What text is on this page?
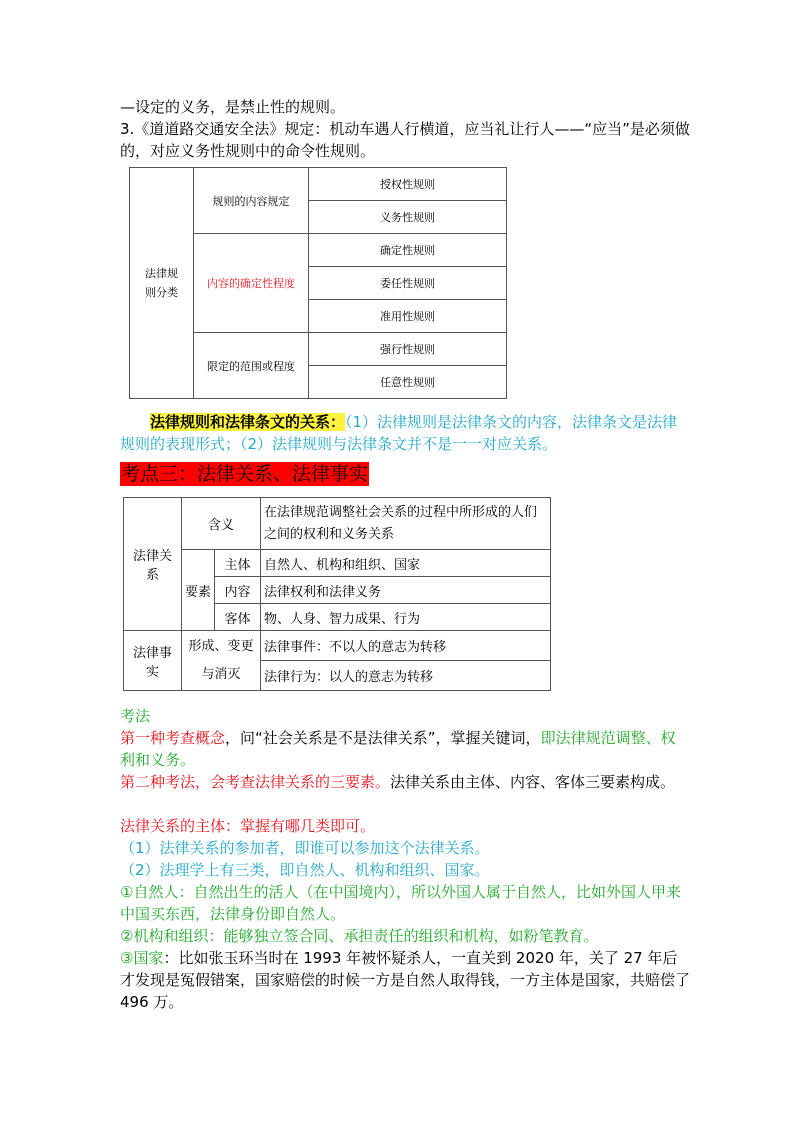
—设定的义务，是禁止性的规则。
3.《道道路交通安全法》规定：机动车遇人行横道，应当礼让行人——“应当”是必须做的，对应义务性规则中的命令性规则。
法律规则分类	规则的内容规定	授权性规则
		义务性规则
	内容的确定性程度	确定性规则
		委任性规则
		准用性规则
	限定的范围或程度	强行性规则
		任意性规则
法律规则和法律条文的关系：（1）法律规则是法律条文的内容，法律条文是法律规则的表现形式；（2）法律规则与法律条文并不是一一对应关系。
考点三：法律关系、法律事实
法律关系	含义		在法律规范调整社会关系的过程中所形成的人们之间的权利和义务关系

	要素	主体	自然人、机构和组织、国家
		内容	法律权利和法律义务
		客体	物、人身、智力成果、行为
法律事实	形成、变更与消灭		法律事件：不以人的意志为转移
			法律行为：以人的意志为转移
考法
第一种考查概念，问“社会关系是不是法律关系”，掌握关键词，即法律规范调整、权利和义务。
第二种考法，会考查法律关系的三要素。法律关系由主体、内容、客体三要素构成。
法律关系的主体：掌握有哪几类即可。
（1）法律关系的参加者，即谁可以参加这个法律关系。
（2）法理学上有三类，即自然人、机构和组织、国家。
①自然人：自然出生的活人（在中国境内），所以外国人属于自然人，比如外国人甲来中国买东西，法律身份即自然人。
②机构和组织：能够独立签合同、承担责任的组织和机构，如粉笔教育。
③国家：比如张玉环当时在 1993 年被怀疑杀人，一直关到 2020 年，关了 27 年后才发现是冤假错案，国家赔偿的时候一方是自然人取得钱，一方主体是国家，共赔偿了 496 万。
